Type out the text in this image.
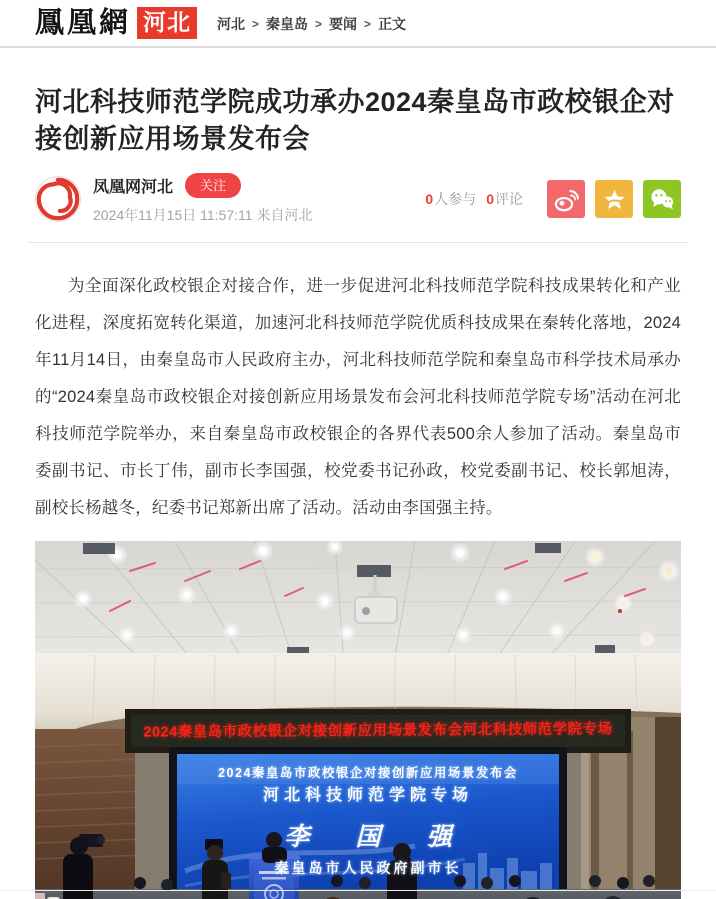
鳳凰網 河北	河北 > 秦皇岛 > 要闻 > 正文
河北科技师范学院成功承办2024秦皇岛市政校银企对接创新应用场景发布会
凤凰网河北	关注
2024年11月15日 11:57:11 来自河北
0人参与 0评论

为全面深化政校银企对接合作，进一步促进河北科技师范学院科技成果转化和产业化进程，深度拓宽转化渠道，加速河北科技师范学院优质科技成果在秦转化落地，2024年11月14日，由秦皇岛市人民政府主办，河北科技师范学院和秦皇岛市科学技术局承办的“2024秦皇岛市政校银企对接创新应用场景发布会河北科技师范学院专场”活动在河北科技师范学院举办，来自秦皇岛市政校银企的各界代表500余人参加了活动。秦皇岛市委副书记、市长丁伟，副市长李国强，校党委书记孙政，校党委副书记、校长郭旭涛，副校长杨越冬，纪委书记郑新出席了活动。活动由李国强主持。

2024秦皇岛市政校银企对接创新应用场景发布会河北科技师范学院专场
2024秦皇岛市政校银企对接创新应用场景发布会
河北科技师范学院专场
李 国 强
秦皇岛市人民政府副市长
